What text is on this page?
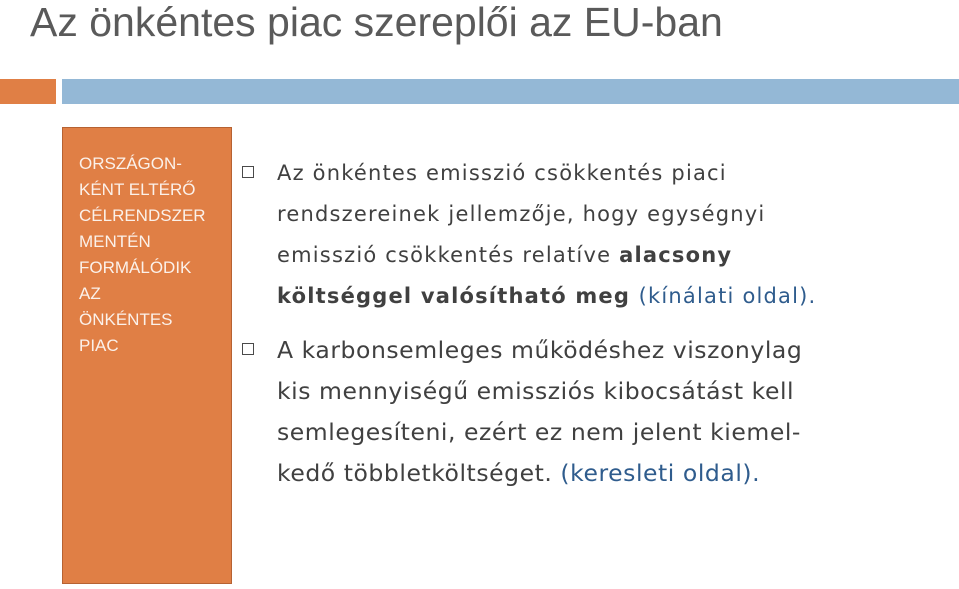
Az önkéntes piac szereplői az EU-ban
ORSZÁGON-
KÉNT ELTÉRŐ
CÉLRENDSZER
MENTÉN
FORMÁLÓDIK
AZ
ÖNKÉNTES
PIAC
Az önkéntes emisszió csökkentés piaci
rendszereinek jellemzője, hogy egységnyi
emisszió csökkentés relatíve alacsony
költséggel valósítható meg (kínálati oldal).
A karbonsemleges működéshez viszonylag
kis mennyiségű emissziós kibocsátást kell
semlegesíteni, ezért ez nem jelent kiemel-
kedő többletköltséget. (keresleti oldal).
